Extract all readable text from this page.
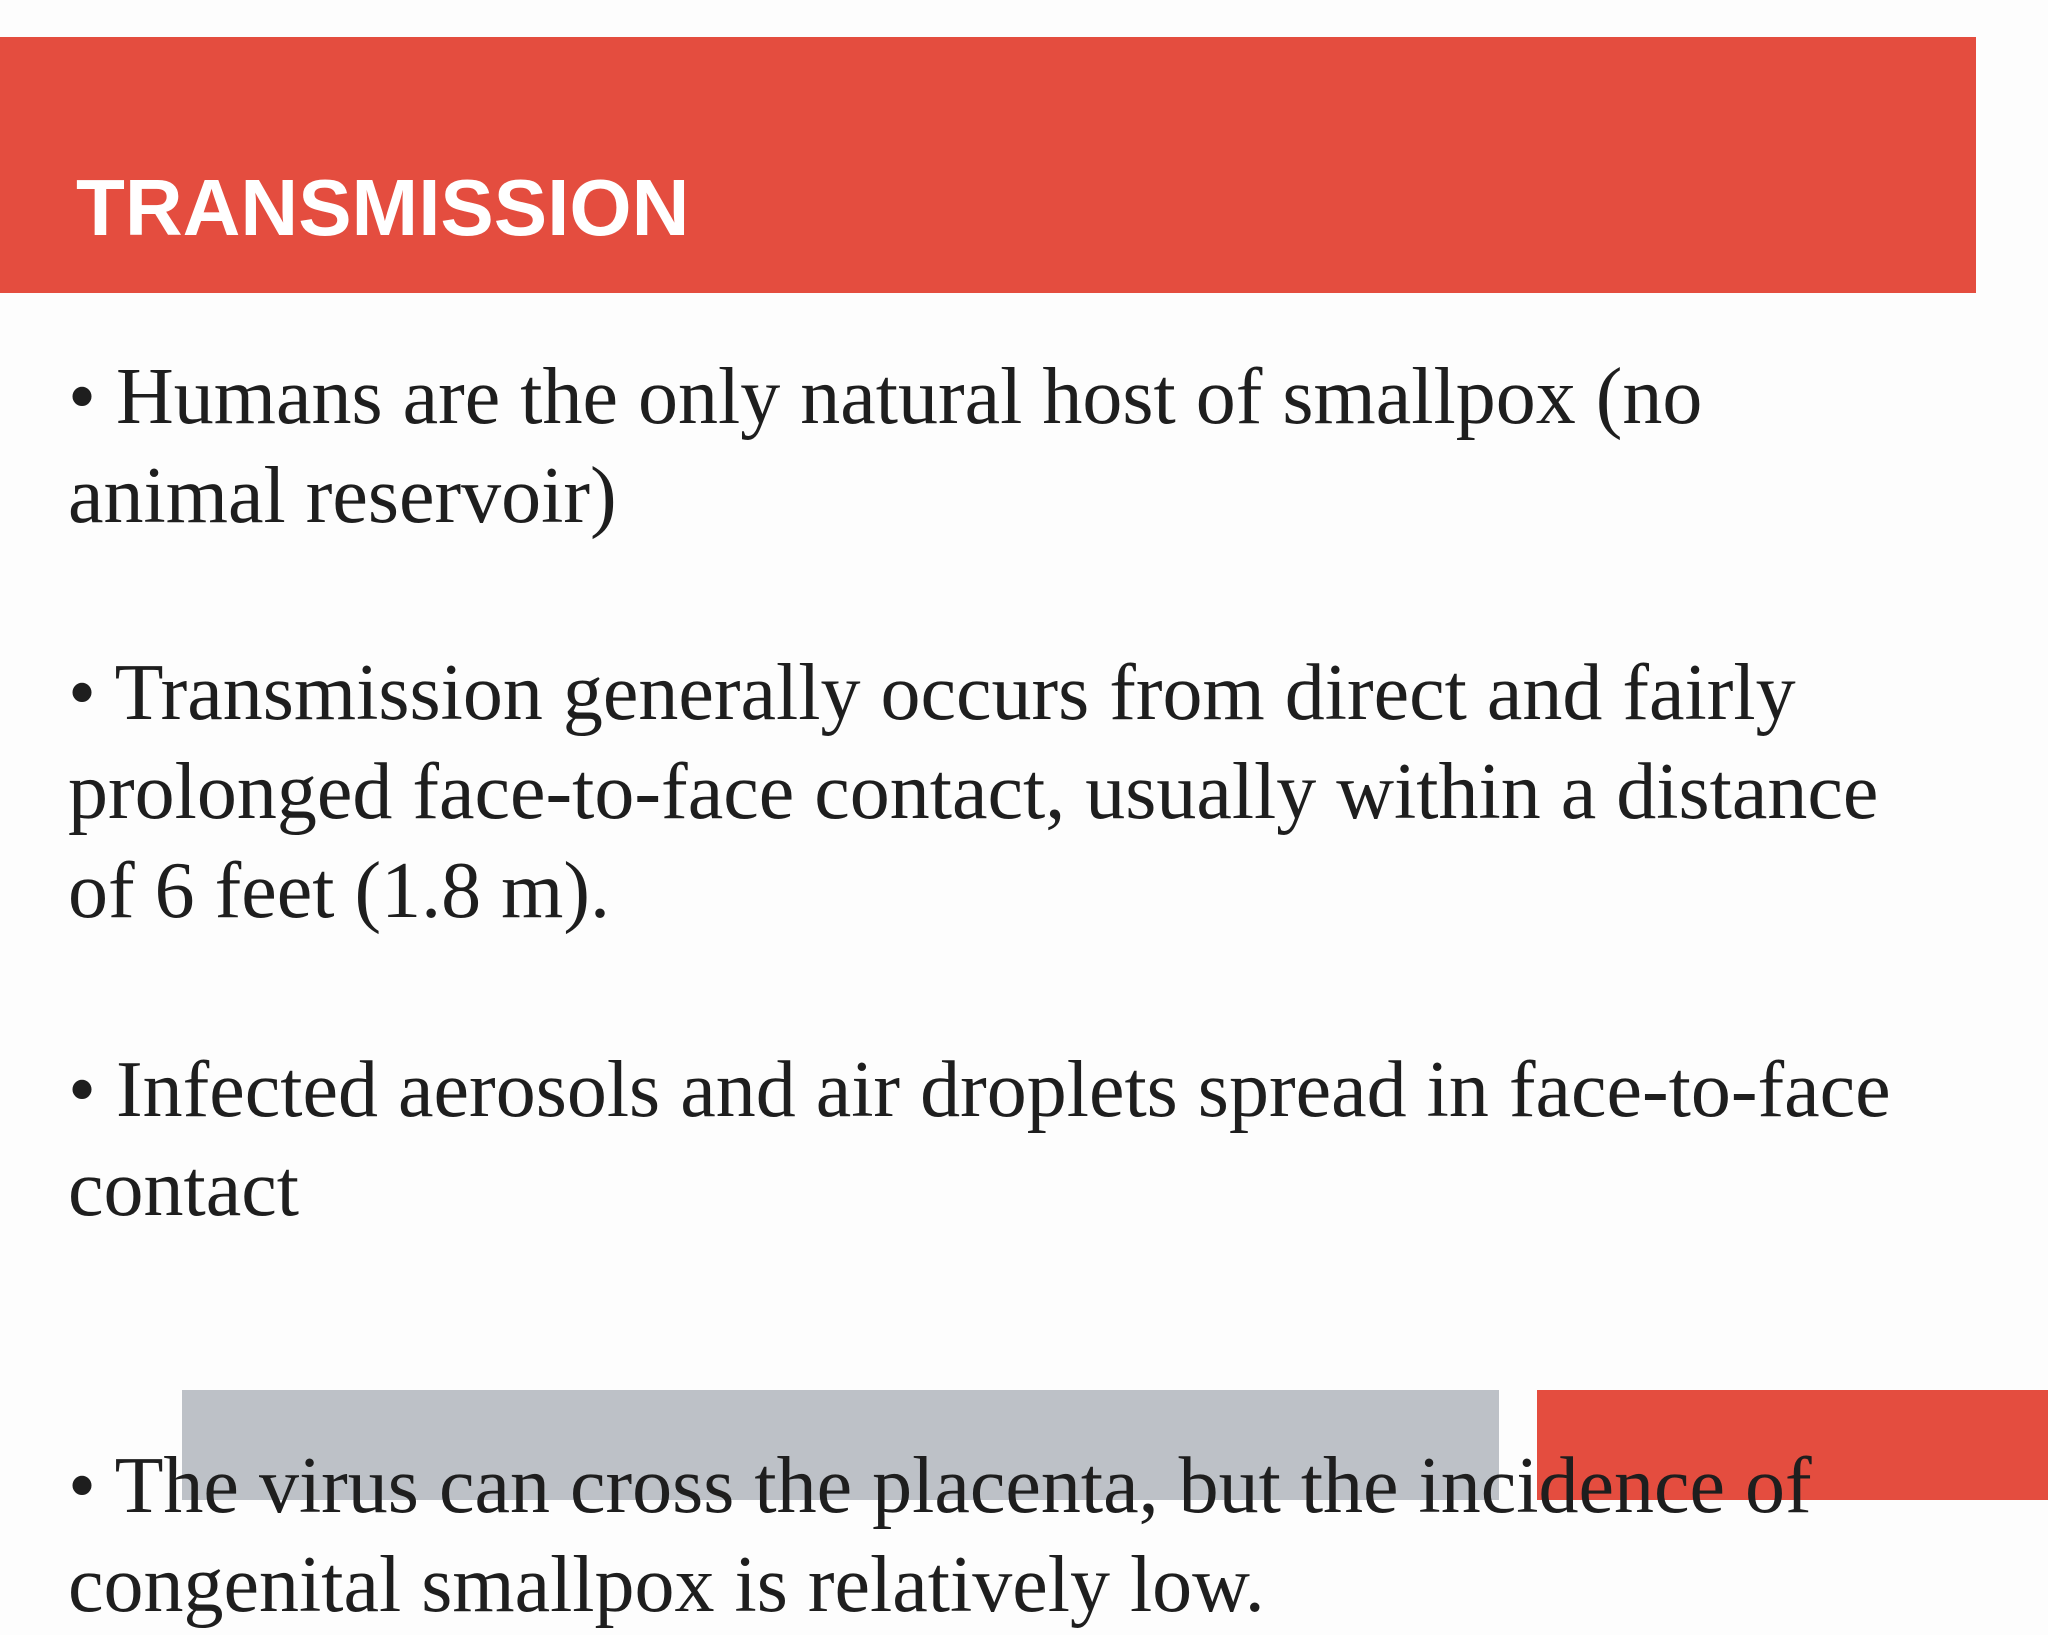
TRANSMISSION
• Humans are the only natural host of smallpox (no
animal reservoir)
• Transmission generally occurs from direct and fairly
prolonged face-to-face contact, usually within a distance
of 6 feet (1.8 m).
• Infected aerosols and air droplets spread in face-to-face
contact
• The virus can cross the placenta, but the incidence of
congenital smallpox is relatively low.
